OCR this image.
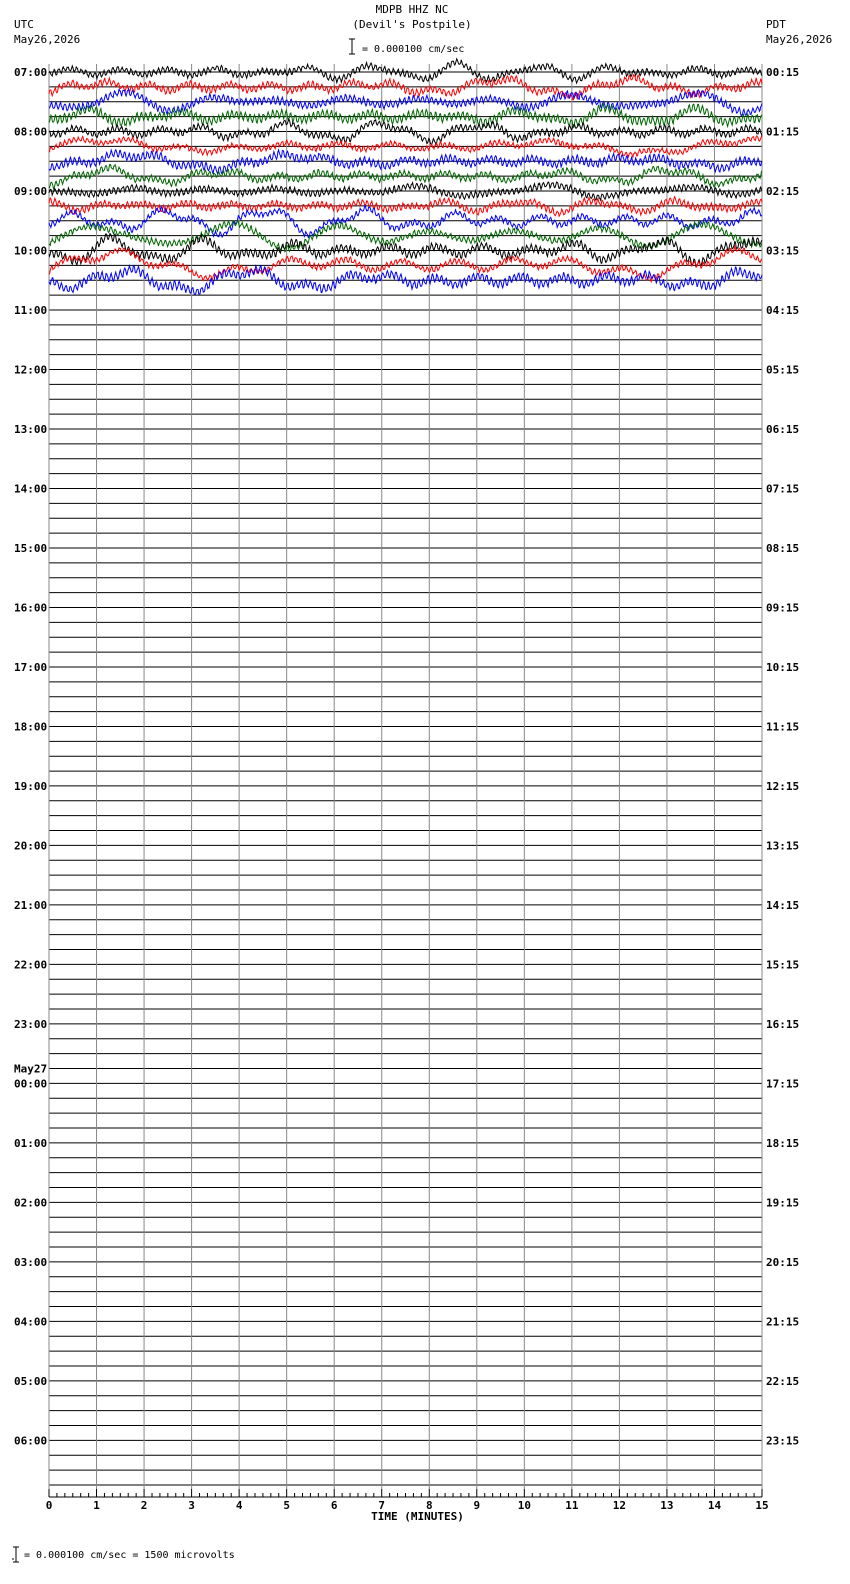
MDPB HHZ NC
(Devil's Postpile)
UTC
May26,2026
PDT
May26,2026
= 0.000100 cm/sec
0	1	2	3	4	5	6	7	8	9	10	11	12	13	14	15
TIME (MINUTES)
07:00
08:00
09:00
10:00
11:00
12:00
13:00
14:00
15:00
16:00
17:00
18:00
19:00
20:00
21:00
22:00
23:00
00:00
01:00
02:00
03:00
04:00
05:00
06:00
00:15
01:15
02:15
03:15
04:15
05:15
06:15
07:15
08:15
09:15
10:15
11:15
12:15
13:15
14:15
15:15
16:15
17:15
18:15
19:15
20:15
21:15
22:15
23:15
May27
= 0.000100 cm/sec = 1500 microvolts
